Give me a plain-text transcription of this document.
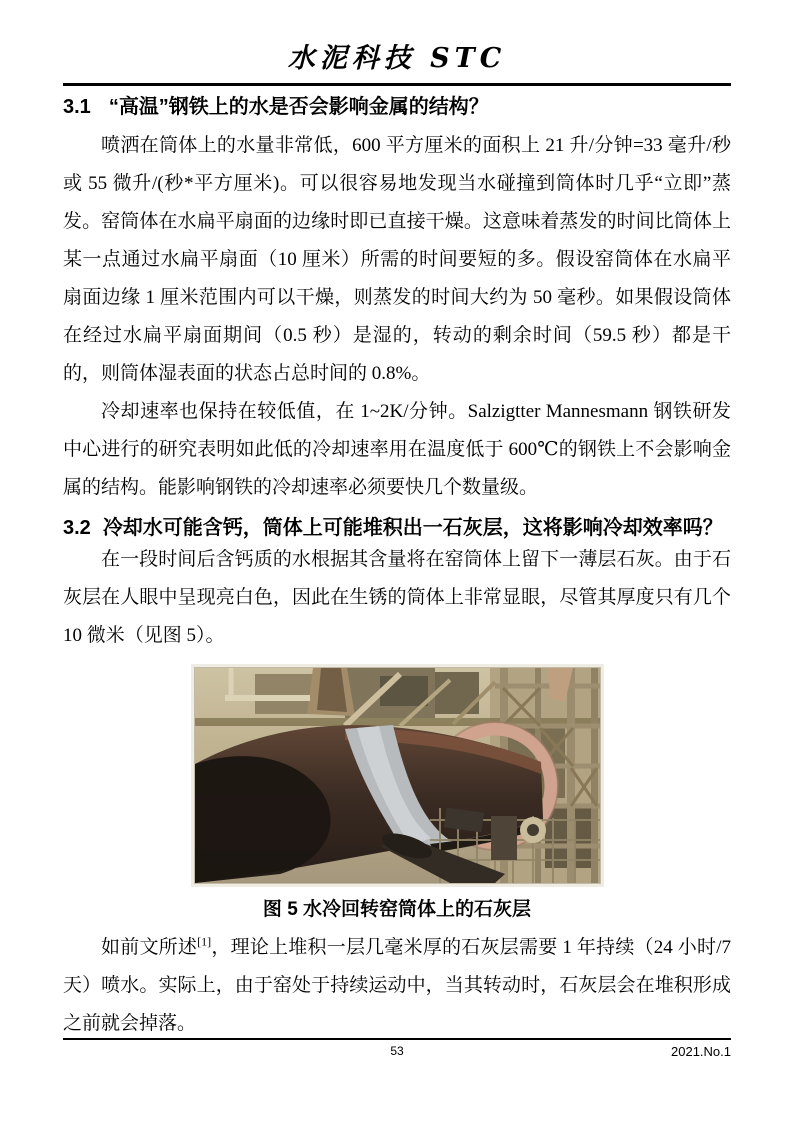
水泥科技 STC
3.1 “高温”钢铁上的水是否会影响金属的结构？

喷洒在筒体上的水量非常低，600 平方厘米的面积上 21 升/分钟=33 毫升/秒或 55 微升/(秒*平方厘米)。可以很容易地发现当水碰撞到筒体时几乎“立即”蒸发。窑筒体在水扁平扇面的边缘时即已直接干燥。这意味着蒸发的时间比筒体上某一点通过水扁平扇面（10 厘米）所需的时间要短的多。假设窑筒体在水扁平扇面边缘 1 厘米范围内可以干燥，则蒸发的时间大约为 50 毫秒。如果假设筒体在经过水扁平扇面期间（0.5 秒）是湿的，转动的剩余时间（59.5 秒）都是干的，则筒体湿表面的状态占总时间的 0.8%。

冷却速率也保持在较低值，在 1~2K/分钟。Salzigtter Mannesmann 钢铁研发中心进行的研究表明如此低的冷却速率用在温度低于 600℃的钢铁上不会影响金属的结构。能影响钢铁的冷却速率必须要快几个数量级。

3.2 冷却水可能含钙，筒体上可能堆积出一石灰层，这将影响冷却效率吗？

在一段时间后含钙质的水根据其含量将在窑筒体上留下一薄层石灰。由于石灰层在人眼中呈现亮白色，因此在生锈的筒体上非常显眼，尽管其厚度只有几个 10 微米（见图 5）。

图 5 水冷回转窑筒体上的石灰层

如前文所述[1]，理论上堆积一层几毫米厚的石灰层需要 1 年持续（24 小时/7 天）喷水。实际上，由于窑处于持续运动中，当其转动时，石灰层会在堆积形成之前就会掉落。

53	2021.No.1
